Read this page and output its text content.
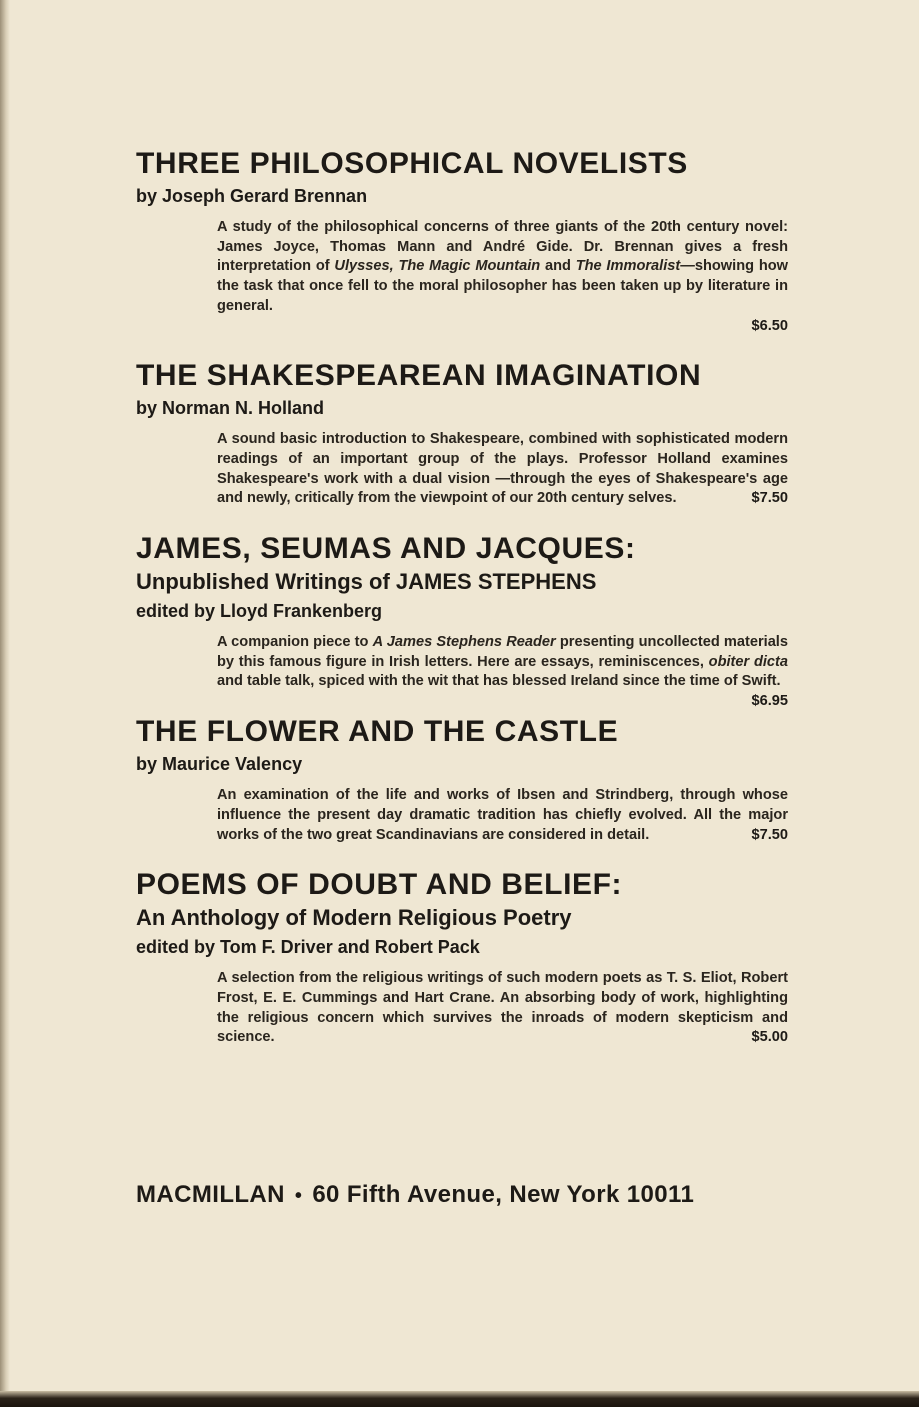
THREE PHILOSOPHICAL NOVELISTS

by Joseph Gerard Brennan

A study of the philosophical concerns of three giants of the 20th century novel: James Joyce, Thomas Mann and André Gide. Dr. Brennan gives a fresh interpretation of Ulysses, The Magic Mountain and The Immoralist—showing how the task that once fell to the moral philosopher has been taken up by literature in general.
$6.50
THE SHAKESPEAREAN IMAGINATION

by Norman N. Holland

A sound basic introduction to Shakespeare, combined with sophisticated modern readings of an important group of the plays. Professor Holland examines Shakespeare's work with a dual vision —through the eyes of Shakespeare's age and newly, critically from the viewpoint of our 20th century selves.	$7.50
JAMES, SEUMAS AND JACQUES:

Unpublished Writings of JAMES STEPHENS

edited by Lloyd Frankenberg

A companion piece to A James Stephens Reader presenting uncollected materials by this famous figure in Irish letters. Here are essays, reminiscences, obiter dicta and table talk, spiced with the wit that has blessed Ireland since the time of Swift.
$6.95
THE FLOWER AND THE CASTLE

by Maurice Valency

An examination of the life and works of Ibsen and Strindberg, through whose influence the present day dramatic tradition has chiefly evolved. All the major works of the two great Scandinavians are considered in detail.	$7.50
POEMS OF DOUBT AND BELIEF:

An Anthology of Modern Religious Poetry

edited by Tom F. Driver and Robert Pack

A selection from the religious writings of such modern poets as T. S. Eliot, Robert Frost, E. E. Cummings and Hart Crane. An absorbing body of work, highlighting the religious concern which survives the inroads of modern skepticism and science.	$5.00
MACMILLAN • 60 Fifth Avenue, New York 10011
